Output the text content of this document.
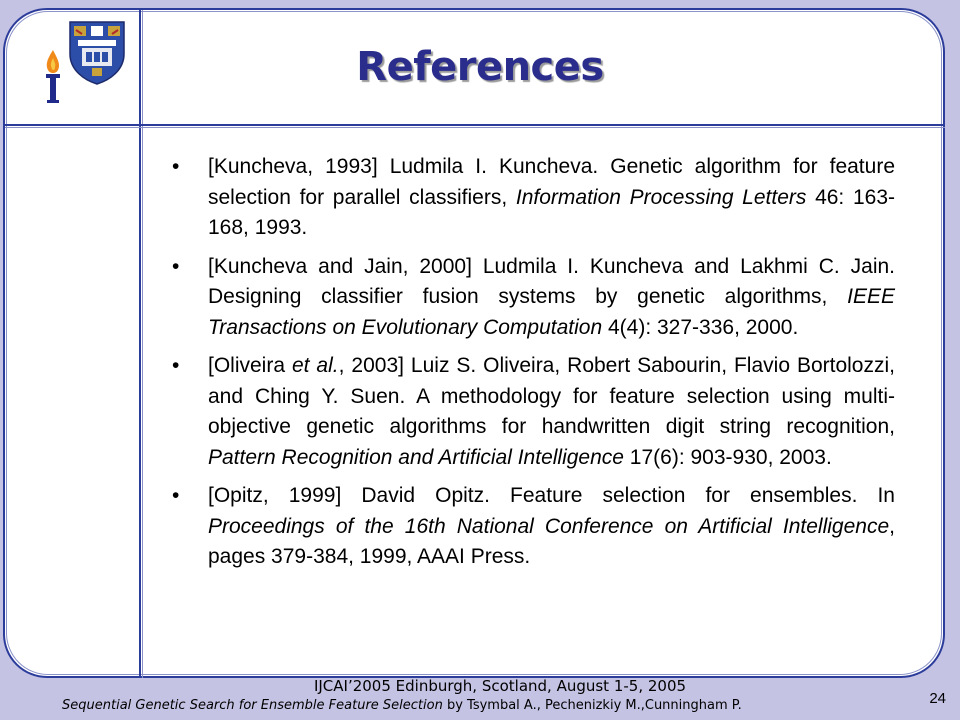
References
• [Kuncheva, 1993] Ludmila I. Kuncheva. Genetic algorithm for feature selection for parallel classifiers, Information Processing Letters 46: 163-168, 1993.
• [Kuncheva and Jain, 2000] Ludmila I. Kuncheva and Lakhmi C. Jain. Designing classifier fusion systems by genetic algorithms, IEEE Transactions on Evolutionary Computation 4(4): 327-336, 2000.
• [Oliveira et al., 2003] Luiz S. Oliveira, Robert Sabourin, Flavio Bortolozzi, and Ching Y. Suen. A methodology for feature selection using multi-objective genetic algorithms for handwritten digit string recognition, Pattern Recognition and Artificial Intelligence 17(6): 903-930, 2003.
• [Opitz, 1999] David Opitz. Feature selection for ensembles. In Proceedings of the 16th National Conference on Artificial Intelligence, pages 379-384, 1999, AAAI Press.
IJCAI’2005 Edinburgh, Scotland, August 1-5, 2005
Sequential Genetic Search for Ensemble Feature Selection by Tsymbal A., Pechenizkiy M.,Cunningham P.	24
